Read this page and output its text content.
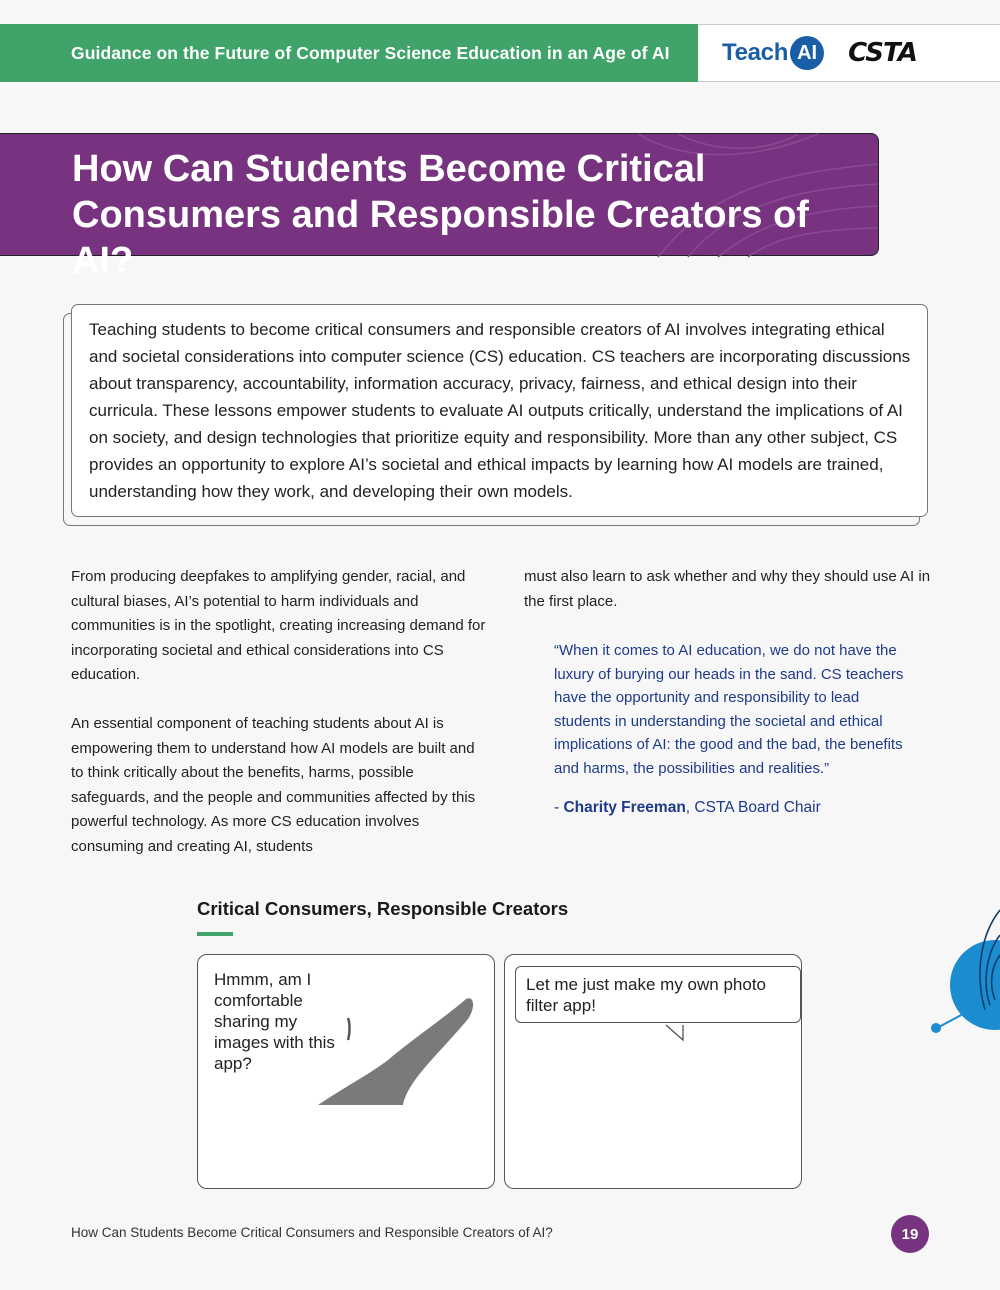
Guidance on the Future of Computer Science Education in an Age of AI Teach AI CSTA
How Can Students Become Critical Consumers and Responsible Creators of AI?

Teaching students to become critical consumers and responsible creators of AI involves integrating ethical and societal considerations into computer science (CS) education. CS teachers are incorporating discussions about transparency, accountability, information accuracy, privacy, fairness, and ethical design into their curricula. These lessons empower students to evaluate AI outputs critically, understand the implications of AI on society, and design technologies that prioritize equity and responsibility. More than any other subject, CS provides an opportunity to explore AI’s societal and ethical impacts by learning how AI models are trained, understanding how they work, and developing their own models.

From producing deepfakes to amplifying gender, racial, and cultural biases, AI’s potential to harm individuals and communities is in the spotlight, creating increasing demand for incorporating societal and ethical considerations into CS education.

An essential component of teaching students about AI is empowering them to understand how AI models are built and to think critically about the benefits, harms, possible safeguards, and the people and communities affected by this powerful technology. As more CS education involves consuming and creating AI, students

must also learn to ask whether and why they should use AI in the first place.

“When it comes to AI education, we do not have the luxury of burying our heads in the sand. CS teachers have the opportunity and responsibility to lead students in understanding the societal and ethical implications of AI: the good and the bad, the benefits and harms, the possibilities and realities.”

- Charity Freeman, CSTA Board Chair

Critical Consumers, Responsible Creators
Hmmm, am I comfortable sharing my images with this app?
Let me just make my own photo filter app!
How Can Students Become Critical Consumers and Responsible Creators of AI?	19
